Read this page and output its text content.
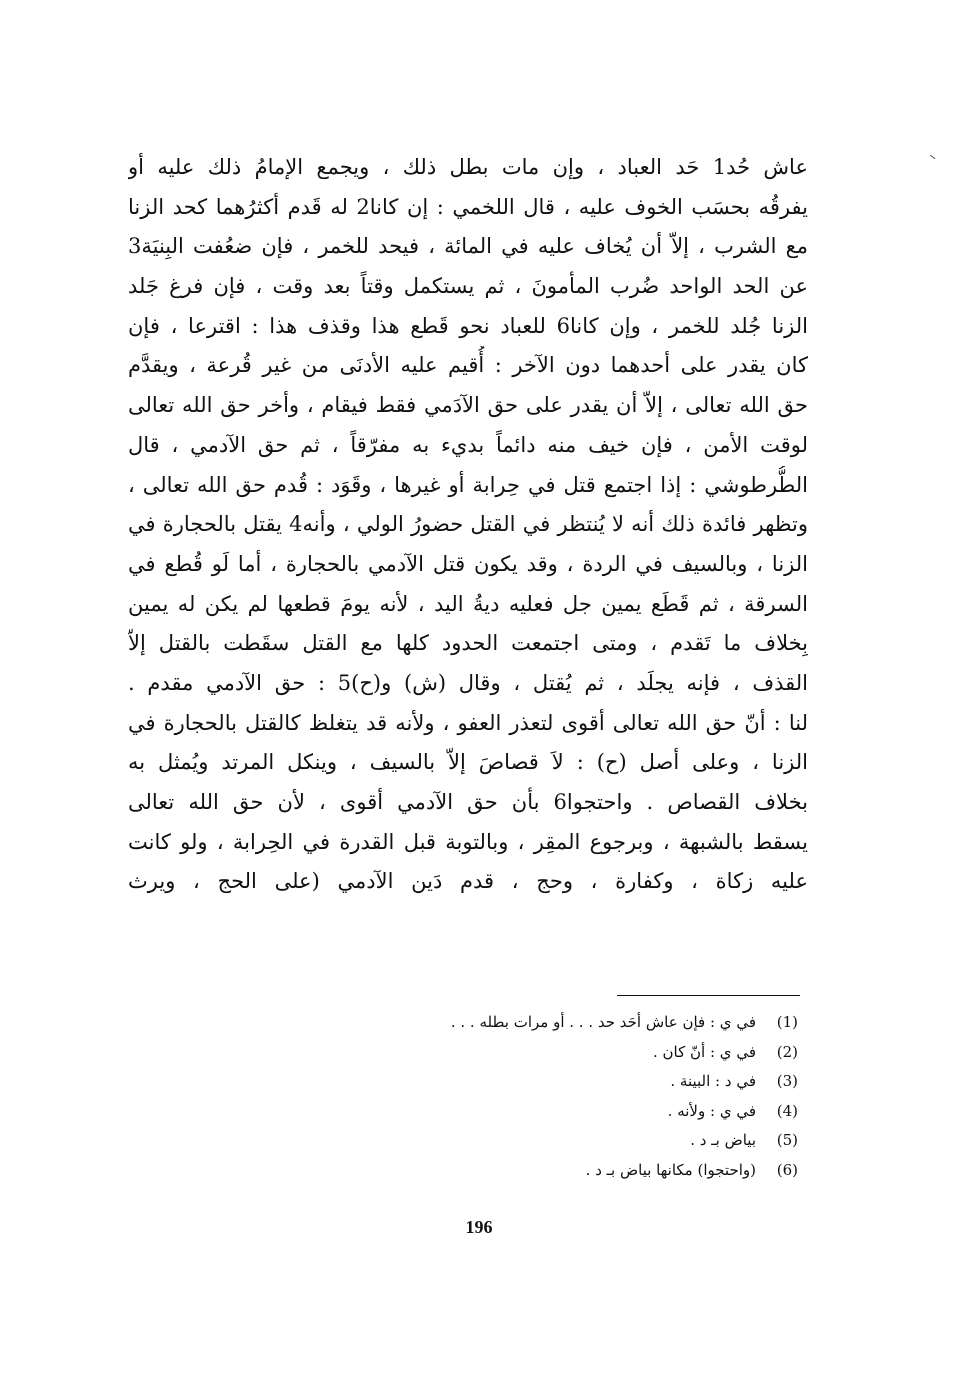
عاش حُد1 حَد العباد ، وإن مات بطل ذلك ، ويجمع الإمامُ ذلك عليه أو
يفرقُه بحسَب الخوف عليه ، قال اللخمي : إن كانا2 له قَدم أكثرُهما كحد الزنا
مع الشرب ، إلاّ أن يُخاف عليه في المائة ، فيحد للخمر ، فإن ضعُفت البِنيَة3
عن الحد الواحد ضُرب المأمونَ ، ثم يستكمل وقتاً بعد وقت ، فإن فرغ جَلد
الزنا جُلد للخمر ، وإن كانا6 للعباد نحو قَطع هذا وقذف هذا : اقترعا ، فإن
كان يقدر على أحدهما دون الآخر : أُقيم عليه الأدنَى من غير قُرعة ، ويقدَّم
حق الله تعالى ، إلاّ أن يقدر على حق الآدَمي فقط فيقام ، وأخر حق الله تعالى
لوقت الأمن ، فإن خيف منه دائماً بديء به مفرّقاً ، ثم حق الآدمي ، قال
الطُّرطوشي : إذا اجتمع قتل في حِرابة أو غيرها ، وقَوَد : قُدم حق الله تعالى ،
وتظهر فائدة ذلك أنه لا يُنتظر في القتل حضورُ الولي ، وأنه4 يقتل بالحجارة في
الزنا ، وبالسيف في الردة ، وقد يكون قتل الآدمي بالحجارة ، أما لَو قُطع في
السرقة ، ثم قَطَع يمين جل فعليه ديةُ اليد ، لأنه يومَ قطعها لم يكن له يمين
بِخلاف ما تَقدم ، ومتى اجتمعت الحدود كلها مع القتل سقَطت بالقتل إلاّ
القذف ، فإنه يجلَد ، ثم يُقتل ، وقال (ش) و(ح)5 : حق الآدمي مقدم .
لنا : أنّ حق الله تعالى أقوى لتعذر العفو ، ولأنه قد يتغلظ كالقتل بالحجارة في
الزنا ، وعلى أصل (ح) : لاَ قصاصَ إلاّ بالسيف ، وينكل المرتد ويُمثل به
بخلاف القصاص . واحتجوا6 بأن حق الآدمي أقوى ، لأن حق الله تعالى
يسقط بالشبهة ، وبرجوع المقِر ، وبالتوبة قبل القدرة في الحِرابة ، ولو كانت
عليه زكاة ، وكفارة ، وحج ، قدم دَين الآدمي (على الحج ، ويرث
(1)
في ي : فإن عاش أحَد حد . . . أو مرات بطله . . .
(2)
في ي : أنّ كان .
(3)
في د : البينة .
(4)
في ي : ولأنه .
(5)
بياض بـ د .
(6)
(واحتجوا) مكانها بياض بـ د .
196
